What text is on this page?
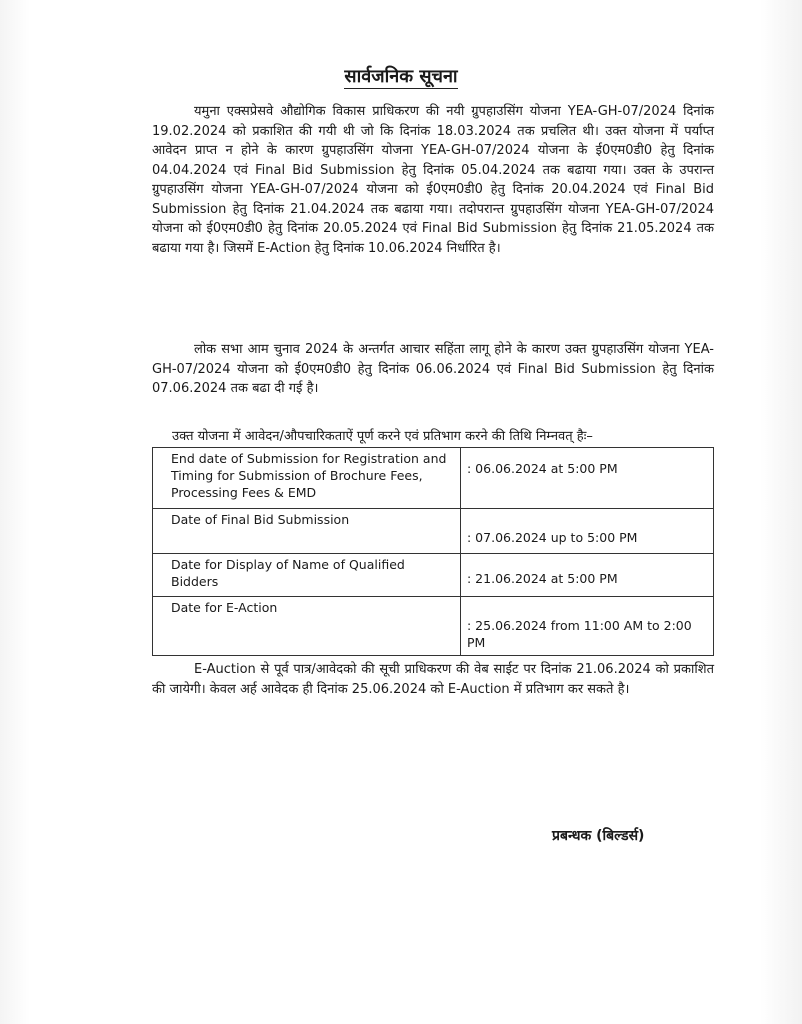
सार्वजनिक सूचना

यमुना एक्सप्रेसवे औद्योगिक विकास प्राधिकरण की नयी ग्रुपहाउसिंग योजना YEA-GH-07/2024 दिनांक 19.02.2024 को प्रकाशित की गयी थी जो कि दिनांक 18.03.2024 तक प्रचलित थी। उक्त योजना में पर्याप्त आवेदन प्राप्त न होने के कारण ग्रुपहाउसिंग योजना YEA-GH-07/2024 योजना के ई0एम0डी0 हेतु दिनांक 04.04.2024 एवं Final Bid Submission हेतु दिनांक 05.04.2024 तक बढाया गया। उक्त के उपरान्त ग्रुपहाउसिंग योजना YEA-GH-07/2024 योजना को ई0एम0डी0 हेतु दिनांक 20.04.2024 एवं Final Bid Submission हेतु दिनांक 21.04.2024 तक बढाया गया। तदोपरान्त ग्रुपहाउसिंग योजना YEA-GH-07/2024 योजना को ई0एम0डी0 हेतु दिनांक 20.05.2024 एवं Final Bid Submission हेतु दिनांक 21.05.2024 तक बढाया गया है। जिसमें E-Action हेतु दिनांक 10.06.2024 निर्धारित है।

लोक सभा आम चुनाव 2024 के अन्तर्गत आचार सहिंता लागू होने के कारण उक्त ग्रुपहाउसिंग योजना YEA-GH-07/2024 योजना को ई0एम0डी0 हेतु दिनांक 06.06.2024 एवं Final Bid Submission हेतु दिनांक 07.06.2024 तक बढा दी गई है।

उक्त योजना में आवेदन/औपचारिकताऐं पूर्ण करने एवं प्रतिभाग करने की तिथि निम्नवत् हैः–
End date of Submission for Registration and Timing for Submission of Brochure Fees, Processing Fees & EMD	: 06.06.2024 at 5:00 PM

Date of Final Bid Submission	: 07.06.2024 up to 5:00 PM

Date for Display of Name of Qualified Bidders	: 21.06.2024 at 5:00 PM

Date for E-Action	: 25.06.2024 from 11:00 AM to 2:00 PM

E-Auction से पूर्व पात्र/आवेदको की सूची प्राधिकरण की वेब साईट पर दिनांक 21.06.2024 को प्रकाशित की जायेगी। केवल अर्ह आवेदक ही दिनांक 25.06.2024 को E-Auction में प्रतिभाग कर सकते है।

प्रबन्धक (बिल्डर्स)
